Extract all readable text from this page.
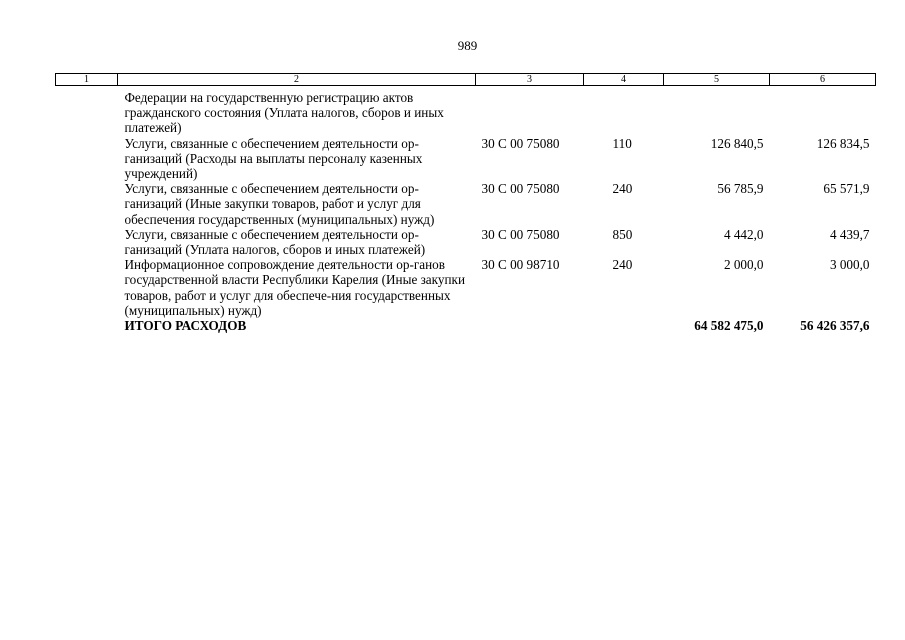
989
1	2	3	4	5	6
	Федерации на государственную регистрацию актов гражданского состояния (Уплата налогов, сборов и иных платежей)				
	Услуги, связанные с обеспечением деятельности ор-ганизаций (Расходы на выплаты персоналу казенных учреждений)	30 С 00 75080	110	126 840,5	126 834,5
	Услуги, связанные с обеспечением деятельности ор-ганизаций (Иные закупки товаров, работ и услуг для обеспечения государственных (муниципальных) нужд)	30 С 00 75080	240	56 785,9	65 571,9
	Услуги, связанные с обеспечением деятельности ор-ганизаций (Уплата налогов, сборов и иных платежей)	30 С 00 75080	850	4 442,0	4 439,7
	Информационное сопровождение деятельности ор-ганов государственной власти Республики Карелия (Иные закупки товаров, работ и услуг для обеспече-ния государственных (муниципальных) нужд)	30 С 00 98710	240	2 000,0	3 000,0
	ИТОГО РАСХОДОВ			64 582 475,0	56 426 357,6
